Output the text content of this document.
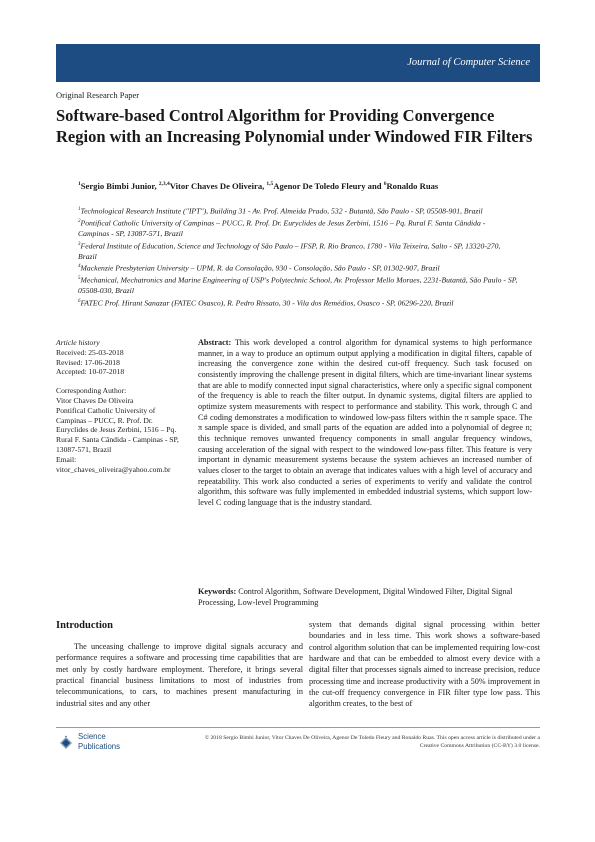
Journal of Computer Science
Original Research Paper
Software-based Control Algorithm for Providing Convergence Region with an Increasing Polynomial under Windowed FIR Filters
$^1$Sergio Bimbi Junior, $^{2,3,4}$Vitor Chaves De Oliveira, $^{1,5}$Agenor De Toledo Fleury and $^6$Ronaldo Ruas

$^1$Technological Research Institute ("IPT"), Building 31 - Av. Prof. Almeida Prado, 532 - Butantã, São Paulo - SP, 05508-901, Brazil

$^2$Pontifical Catholic University of Campinas – PUCC, R. Prof. Dr. Euryclides de Jesus Zerbini, 1516 – Pq. Rural F. Santa Cândida - Campinas - SP, 13087-571, Brazil

$^3$Federal Institute of Education, Science and Technology of São Paulo – IFSP, R. Rio Branco, 1780 - Vila Teixeira, Salto - SP, 13320-270, Brazil

$^4$Mackenzie Presbyterian University – UPM, R. da Consolação, 930 - Consolação, São Paulo - SP, 01302-907, Brazil

$^5$Mechanical, Mechatronics and Marine Engineering of USP's Polytechnic School, Av. Professor Mello Moraes, 2231-Butantã, São Paulo - SP, 05508-030, Brazil

$^6$FATEC Prof. Hirant Sanazar (FATEC Osasco), R. Pedro Rissato, 30 - Vila dos Remédios, Osasco - SP, 06296-220, Brazil

Article history

Received: 25-03-2018

Revised: 17-06-2018

Accepted: 10-07-2018

Corresponding Author:

Vitor Chaves De Oliveira

Pontifical Catholic University of Campinas – PUCC, R. Prof. Dr. Euryclides de Jesus Zerbini, 1516 – Pq. Rural F. Santa Cândida - Campinas - SP, 13087-571, Brazil

Email:

vitor_chaves_oliveira@yahoo.com.br

Abstract: This work developed a control algorithm for dynamical systems to high performance manner, in a way to produce an optimum output applying a modification in digital filters, capable of increasing the convergence zone within the desired cut-off frequency. Such task focused on consistently improving the challenge present in digital filters, which are time-invariant linear systems that are able to modify connected input signal characteristics, where only a specific signal component of the frequency is able to reach the filter output. In dynamic systems, digital filters are applied to optimize system measurements with respect to performance and stability. This work, through C and C# coding demonstrates a modification to windowed low-pass filters within the π sample space. The π sample space is divided, and small parts of the equation are added into a polynomial of degree n; this technique removes unwanted frequency components in small angular frequency windows, causing acceleration of the signal with respect to the windowed low-pass filter. This feature is very important in dynamic measurement systems because the system achieves an increased number of values closer to the target to obtain an average that indicates values with a high level of accuracy and repeatability. This work also conducted a series of experiments to verify and validate the control algorithm, this software was fully implemented in embedded industrial systems, which support low-level C coding language that is the industry standard.

Keywords: Control Algorithm, Software Development, Digital Windowed Filter, Digital Signal Processing, Low-level Programming

Introduction

The unceasing challenge to improve digital signals accuracy and performance requires a software and processing time capabilities that are met only by costly hardware employment. Therefore, it brings several practical financial business limitations to most of industries from telecommunications, to cars, to machines present manufacturing in industrial sites and any other

system that demands digital signal processing within better boundaries and in less time. This work shows a software-based control algorithm solution that can be implemented requiring low-cost hardware and that can be embedded to almost every device with a digital filter that processes signals aimed to increase precision, reduce processing time and increase productivity with a 50% improvement in the cut-off frequency convergence in FIR filter type low pass. This algorithm creates, to the best of

Science
Publications

© 2018 Sergio Bimbi Junior, Vitor Chaves De Oliveira, Agenor De Toledo Fleury and Ronaldo Ruas. This open access article is distributed under a Creative Commons Attribution (CC-BY) 3.0 license.
